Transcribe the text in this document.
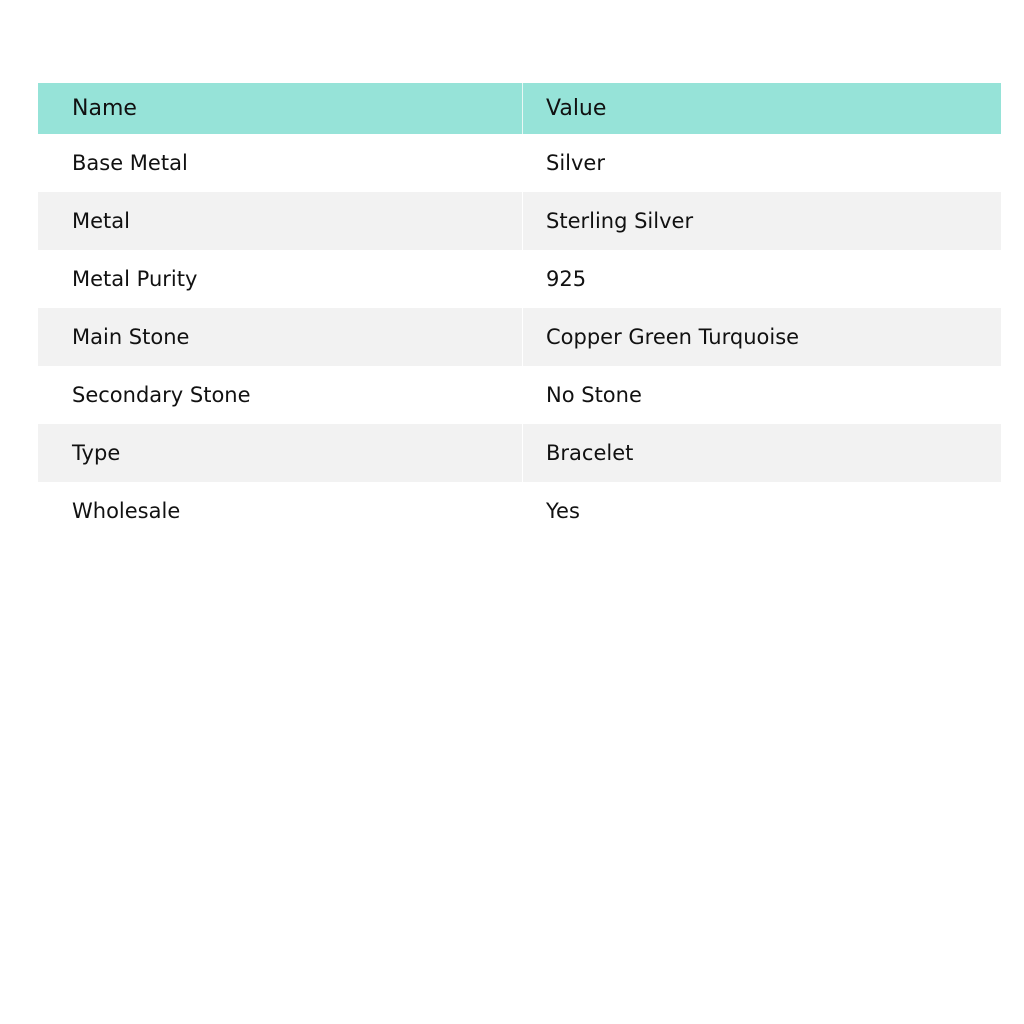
Name	Value
Base Metal	Silver
Metal	Sterling Silver
Metal Purity	925
Main Stone	Copper Green Turquoise
Secondary Stone	No Stone
Type	Bracelet
Wholesale	Yes
